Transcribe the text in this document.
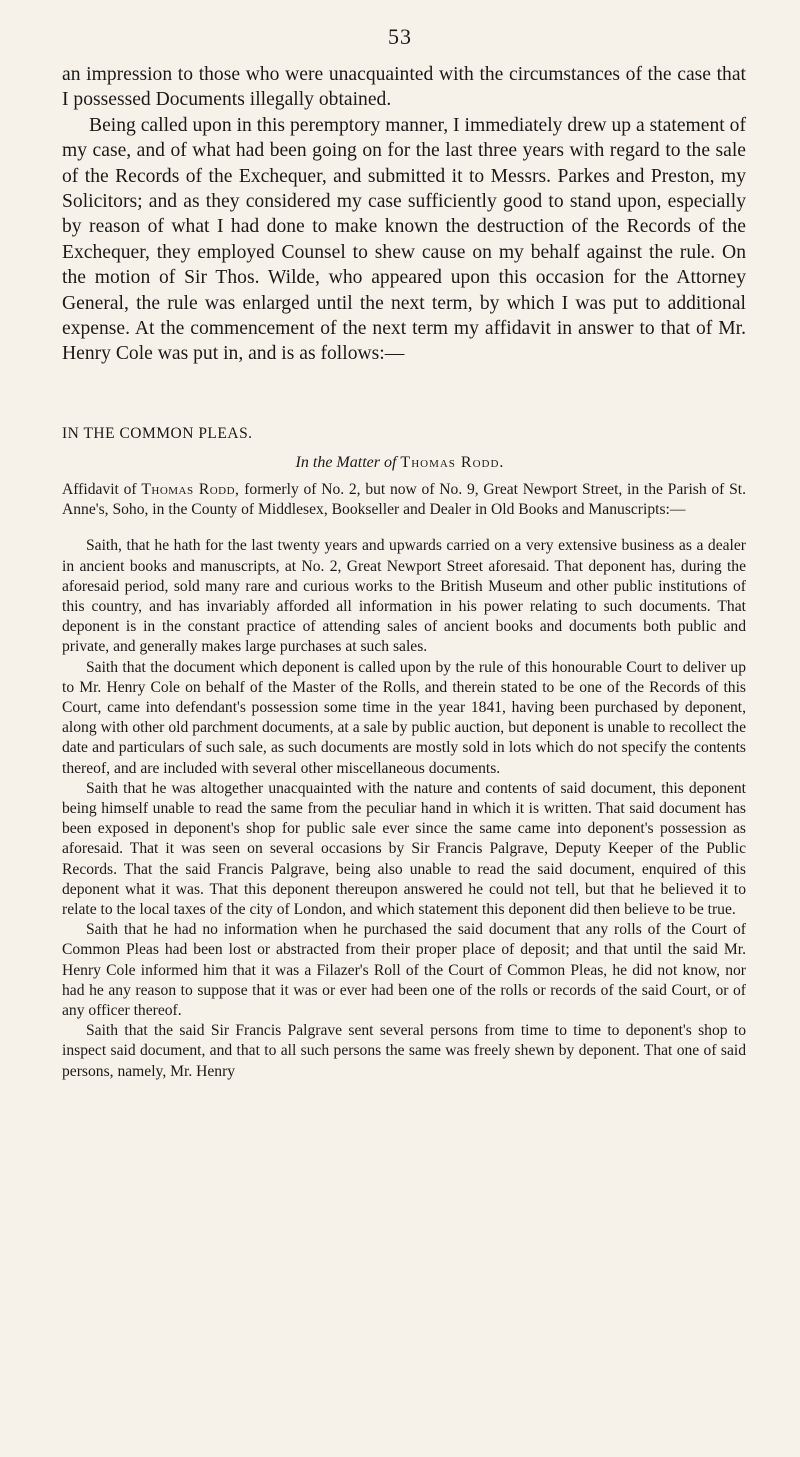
53

an impression to those who were unacquainted with the circumstances of the case that I possessed Documents illegally obtained.

Being called upon in this peremptory manner, I immediately drew up a statement of my case, and of what had been going on for the last three years with regard to the sale of the Records of the Exchequer, and submitted it to Messrs. Parkes and Preston, my Solicitors; and as they considered my case sufficiently good to stand upon, especially by reason of what I had done to make known the destruction of the Records of the Exchequer, they employed Counsel to shew cause on my behalf against the rule. On the motion of Sir Thos. Wilde, who appeared upon this occasion for the Attorney General, the rule was enlarged until the next term, by which I was put to additional expense. At the commencement of the next term my affidavit in answer to that of Mr. Henry Cole was put in, and is as follows:—

IN THE COMMON PLEAS.
In the Matter of Thomas Rodd.

Affidavit of Thomas Rodd, formerly of No. 2, but now of No. 9, Great Newport Street, in the Parish of St. Anne's, Soho, in the County of Middlesex, Bookseller and Dealer in Old Books and Manuscripts:—

Saith, that he hath for the last twenty years and upwards carried on a very extensive business as a dealer in ancient books and manuscripts, at No. 2, Great Newport Street aforesaid. That deponent has, during the aforesaid period, sold many rare and curious works to the British Museum and other public institutions of this country, and has invariably afforded all information in his power relating to such documents. That deponent is in the constant practice of attending sales of ancient books and documents both public and private, and generally makes large purchases at such sales.

Saith that the document which deponent is called upon by the rule of this honourable Court to deliver up to Mr. Henry Cole on behalf of the Master of the Rolls, and therein stated to be one of the Records of this Court, came into defendant's possession some time in the year 1841, having been purchased by deponent, along with other old parchment documents, at a sale by public auction, but deponent is unable to recollect the date and particulars of such sale, as such documents are mostly sold in lots which do not specify the contents thereof, and are included with several other miscellaneous documents.

Saith that he was altogether unacquainted with the nature and contents of said document, this deponent being himself unable to read the same from the peculiar hand in which it is written. That said document has been exposed in deponent's shop for public sale ever since the same came into deponent's possession as aforesaid. That it was seen on several occasions by Sir Francis Palgrave, Deputy Keeper of the Public Records. That the said Francis Palgrave, being also unable to read the said document, enquired of this deponent what it was. That this deponent thereupon answered he could not tell, but that he believed it to relate to the local taxes of the city of London, and which statement this deponent did then believe to be true.

Saith that he had no information when he purchased the said document that any rolls of the Court of Common Pleas had been lost or abstracted from their proper place of deposit; and that until the said Mr. Henry Cole informed him that it was a Filazer's Roll of the Court of Common Pleas, he did not know, nor had he any reason to suppose that it was or ever had been one of the rolls or records of the said Court, or of any officer thereof.

Saith that the said Sir Francis Palgrave sent several persons from time to time to deponent's shop to inspect said document, and that to all such persons the same was freely shewn by deponent. That one of said persons, namely, Mr. Henry
